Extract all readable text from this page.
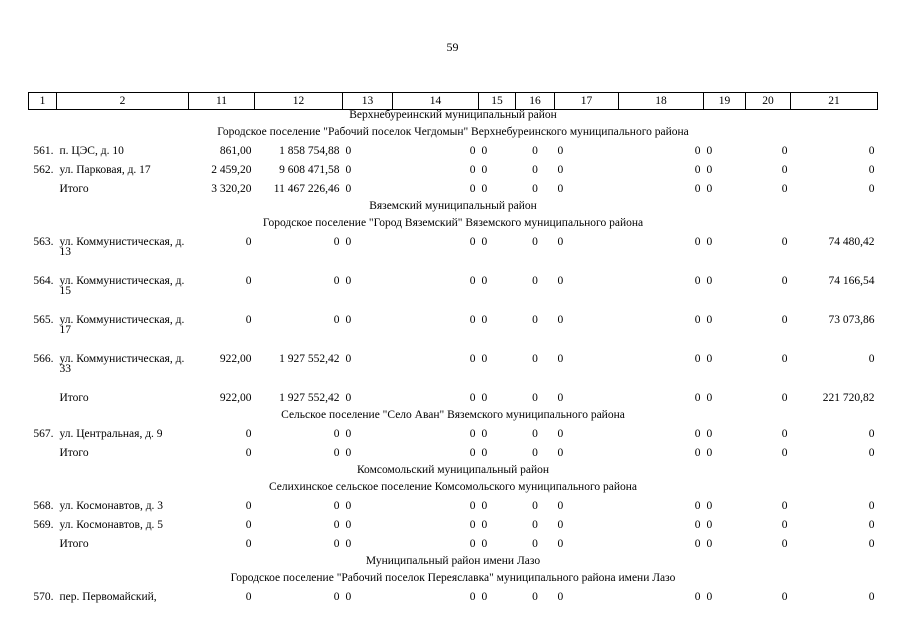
59
1	2	11	12	13	14	15	16	17	18	19	20	21
Верхнебуреинский муниципальный район												
Городское поселение "Рабочий поселок Чегдомын" Верхнебуреинского муниципального района												
561.	п. ЦЭС, д. 10	861,00	1 858 754,88	0	0	0	0	0	0	0	0	0
562.	ул. Парковая, д. 17	2 459,20	9 608 471,58	0	0	0	0	0	0	0	0	0
	Итого	3 320,20	11 467 226,46	0	0	0	0	0	0	0	0	0
Вяземский муниципальный район												
Городское поселение "Город Вяземский" Вяземского муниципального района												
563.	ул. Коммунистическая, д. 13	0	0	0	0	0	0	0	0	0	0	74 480,42
564.	ул. Коммунистическая, д. 15	0	0	0	0	0	0	0	0	0	0	74 166,54
565.	ул. Коммунистическая, д. 17	0	0	0	0	0	0	0	0	0	0	73 073,86
566.	ул. Коммунистическая, д. 33	922,00	1 927 552,42	0	0	0	0	0	0	0	0	0
	Итого	922,00	1 927 552,42	0	0	0	0	0	0	0	0	221 720,82
Сельское поселение "Село Аван" Вяземского муниципального района												
567.	ул. Центральная, д. 9	0	0	0	0	0	0	0	0	0	0	0
	Итого	0	0	0	0	0	0	0	0	0	0	0
Комсомольский муниципальный район												
Селихинское сельское поселение Комсомольского муниципального района												
568.	ул. Космонавтов, д. 3	0	0	0	0	0	0	0	0	0	0	0
569.	ул. Космонавтов, д. 5	0	0	0	0	0	0	0	0	0	0	0
	Итого	0	0	0	0	0	0	0	0	0	0	0
Муниципальный район имени Лазо												
Городское поселение "Рабочий поселок Переяславка" муниципального района имени Лазо												
570.	пер. Первомайский,	0	0	0	0	0	0	0	0	0	0	0
